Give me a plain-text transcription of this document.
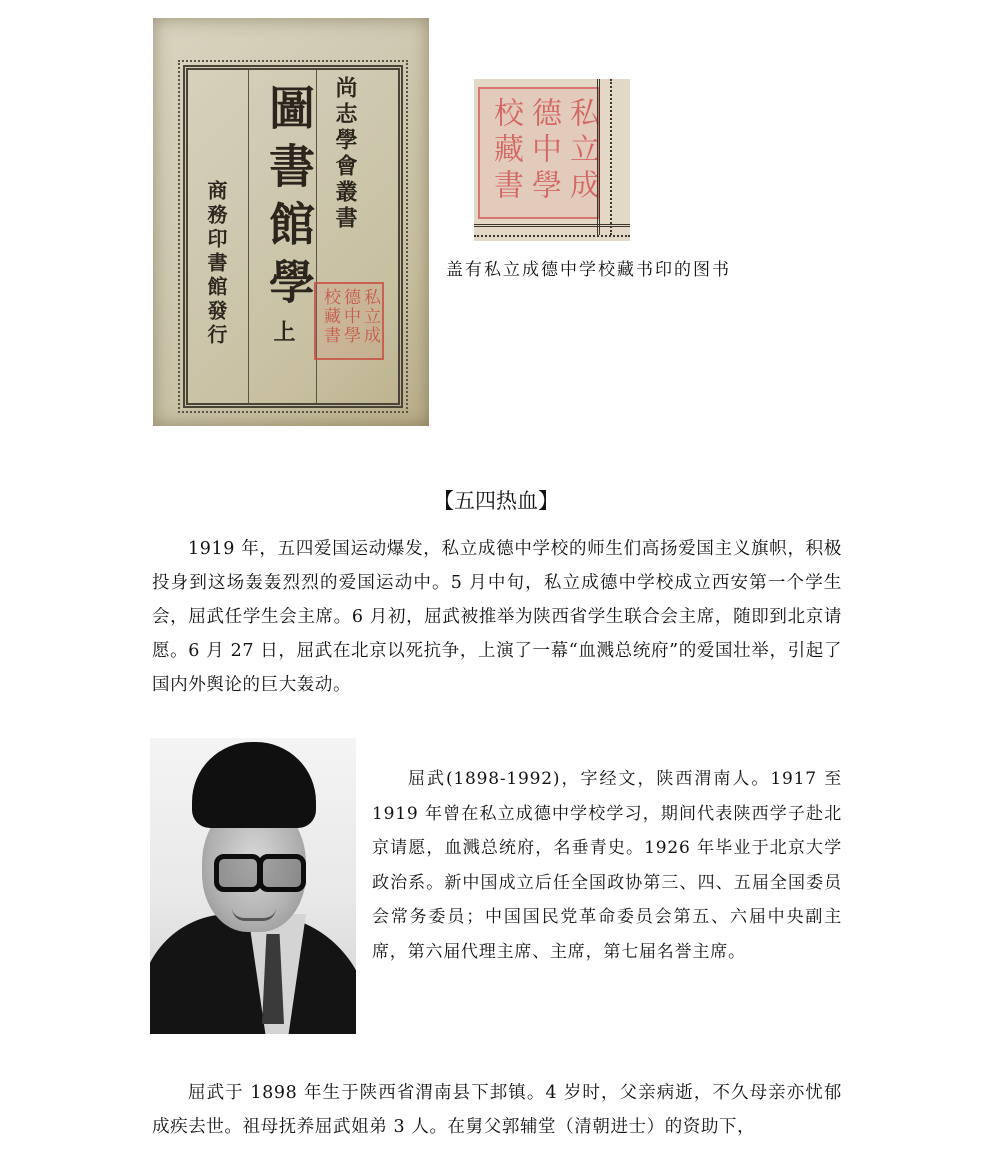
圖書館學
上
尚志學會叢書
商務印書館發行	私立成德中學校藏書
私立成德中學校藏書
盖有私立成德中学校藏书印的图书
【五四热血】

1919 年，五四爱国运动爆发，私立成德中学校的师生们高扬爱国主义旗帜，积极投身到这场轰轰烈烈的爱国运动中。5 月中旬，私立成德中学校成立西安第一个学生会，屈武任学生会主席。6 月初，屈武被推举为陕西省学生联合会主席，随即到北京请愿。6 月 27 日，屈武在北京以死抗争，上演了一幕“血溅总统府”的爱国壮举，引起了国内外舆论的巨大轰动。

屈武(1898-1992)，字经文，陕西渭南人。1917 至 1919 年曾在私立成德中学校学习，期间代表陕西学子赴北京请愿，血溅总统府，名垂青史。1926 年毕业于北京大学政治系。新中国成立后任全国政协第三、四、五届全国委员会常务委员；中国国民党革命委员会第五、六届中央副主席，第六届代理主席、主席，第七届名誉主席。

屈武于 1898 年生于陕西省渭南县下邽镇。4 岁时，父亲病逝，不久母亲亦忧郁成疾去世。祖母抚养屈武姐弟 3 人。在舅父郭辅堂（清朝进士）的资助下，
